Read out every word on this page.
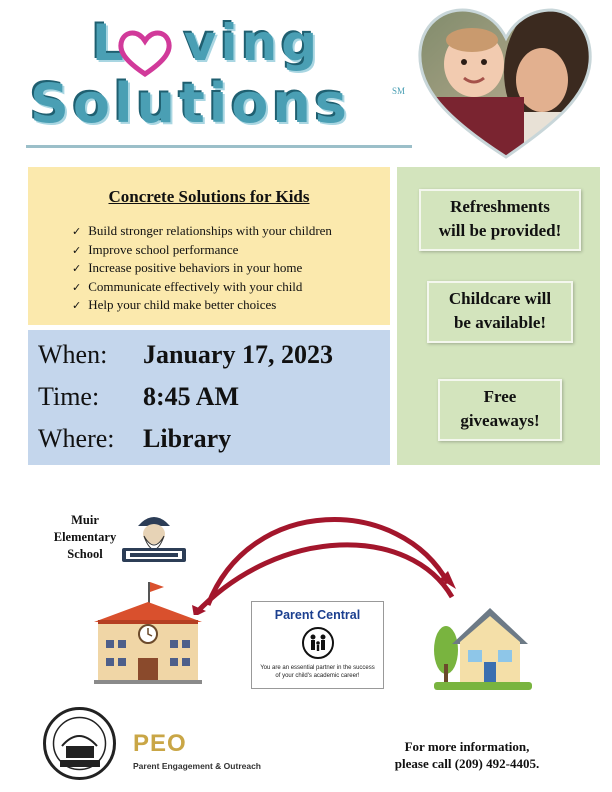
L ving
Solutions	SM
Concrete Solutions for Kids
✓ Build stronger relationships with your children
✓ Improve school performance
✓ Increase positive behaviors in your home
✓ Communicate effectively with your child
✓ Help your child make better choices
When: January 17, 2023
Time: 8:45 AM
Where: Library
Refreshments
will be provided!
Childcare will
be available!
Free
giveaways!
Muir
Elementary
School
Parent Central
You are an essential partner in the success
of your child's academic career!
PEO
Parent Engagement & Outreach
For more information,
please call (209) 492-4405.
